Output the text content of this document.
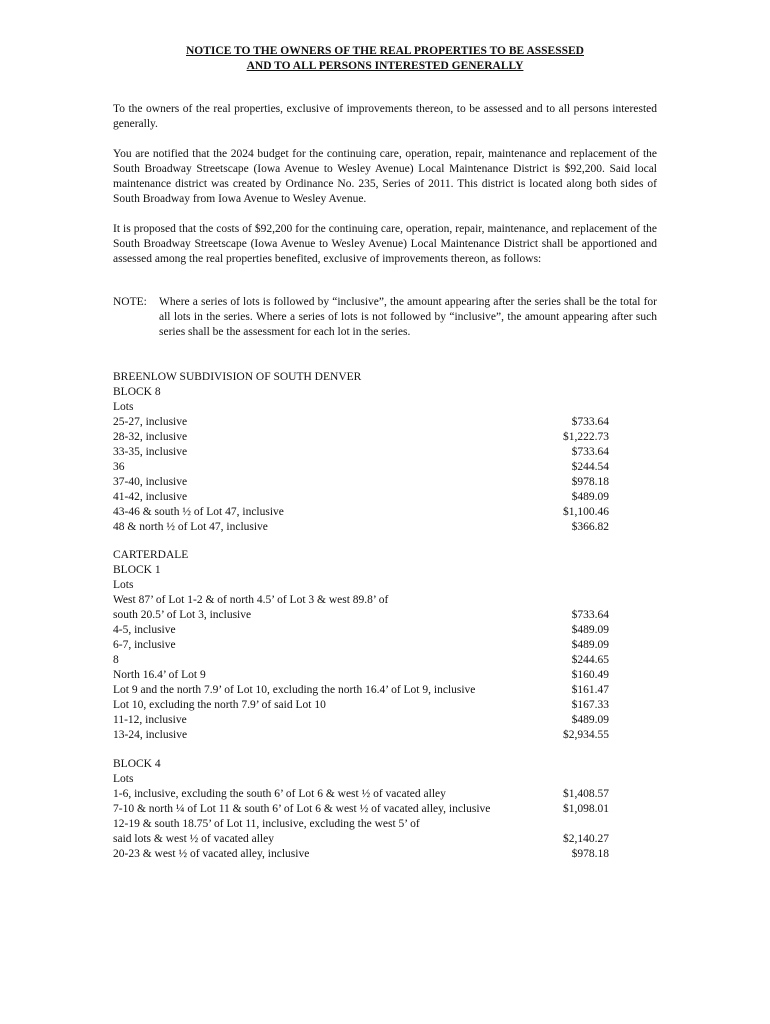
NOTICE TO THE OWNERS OF THE REAL PROPERTIES TO BE ASSESSED
AND TO ALL PERSONS INTERESTED GENERALLY

To the owners of the real properties, exclusive of improvements thereon, to be assessed and to all persons interested generally.

You are notified that the 2024 budget for the continuing care, operation, repair, maintenance and replacement of the South Broadway Streetscape (Iowa Avenue to Wesley Avenue) Local Maintenance District is $92,200. Said local maintenance district was created by Ordinance No. 235, Series of 2011. This district is located along both sides of South Broadway from Iowa Avenue to Wesley Avenue.

It is proposed that the costs of $92,200 for the continuing care, operation, repair, maintenance, and replacement of the South Broadway Streetscape (Iowa Avenue to Wesley Avenue) Local Maintenance District shall be apportioned and assessed among the real properties benefited, exclusive of improvements thereon, as follows:

NOTE: Where a series of lots is followed by “inclusive”, the amount appearing after the series shall be the total for all lots in the series. Where a series of lots is not followed by “inclusive”, the amount appearing after such series shall be the assessment for each lot in the series.
BREENLOW SUBDIVISION OF SOUTH DENVER
BLOCK 8
Lots
25-27, inclusive	$733.64
28-32, inclusive	$1,222.73
33-35, inclusive	$733.64
36	$244.54
37-40, inclusive	$978.18
41-42, inclusive	$489.09
43-46 & south ½ of Lot 47, inclusive	$1,100.46
48 & north ½ of Lot 47, inclusive	$366.82
CARTERDALE
BLOCK 1
Lots
West 87’ of Lot 1-2 & of north 4.5’ of Lot 3 & west 89.8’ of
south 20.5’ of Lot 3, inclusive	$733.64
4-5, inclusive	$489.09
6-7, inclusive	$489.09
8	$244.65
North 16.4’ of Lot 9	$160.49
Lot 9 and the north 7.9’ of Lot 10, excluding the north 16.4’ of Lot 9, inclusive	$161.47
Lot 10, excluding the north 7.9’ of said Lot 10	$167.33
11-12, inclusive	$489.09
13-24, inclusive	$2,934.55
BLOCK 4
Lots
1-6, inclusive, excluding the south 6’ of Lot 6 & west ½ of vacated alley	$1,408.57
7-10 & north ¼ of Lot 11 & south 6’ of Lot 6 & west ½ of vacated alley, inclusive	$1,098.01
12-19 & south 18.75’ of Lot 11, inclusive, excluding the west 5’ of
said lots & west ½ of vacated alley	$2,140.27
20-23 & west ½ of vacated alley, inclusive	$978.18
